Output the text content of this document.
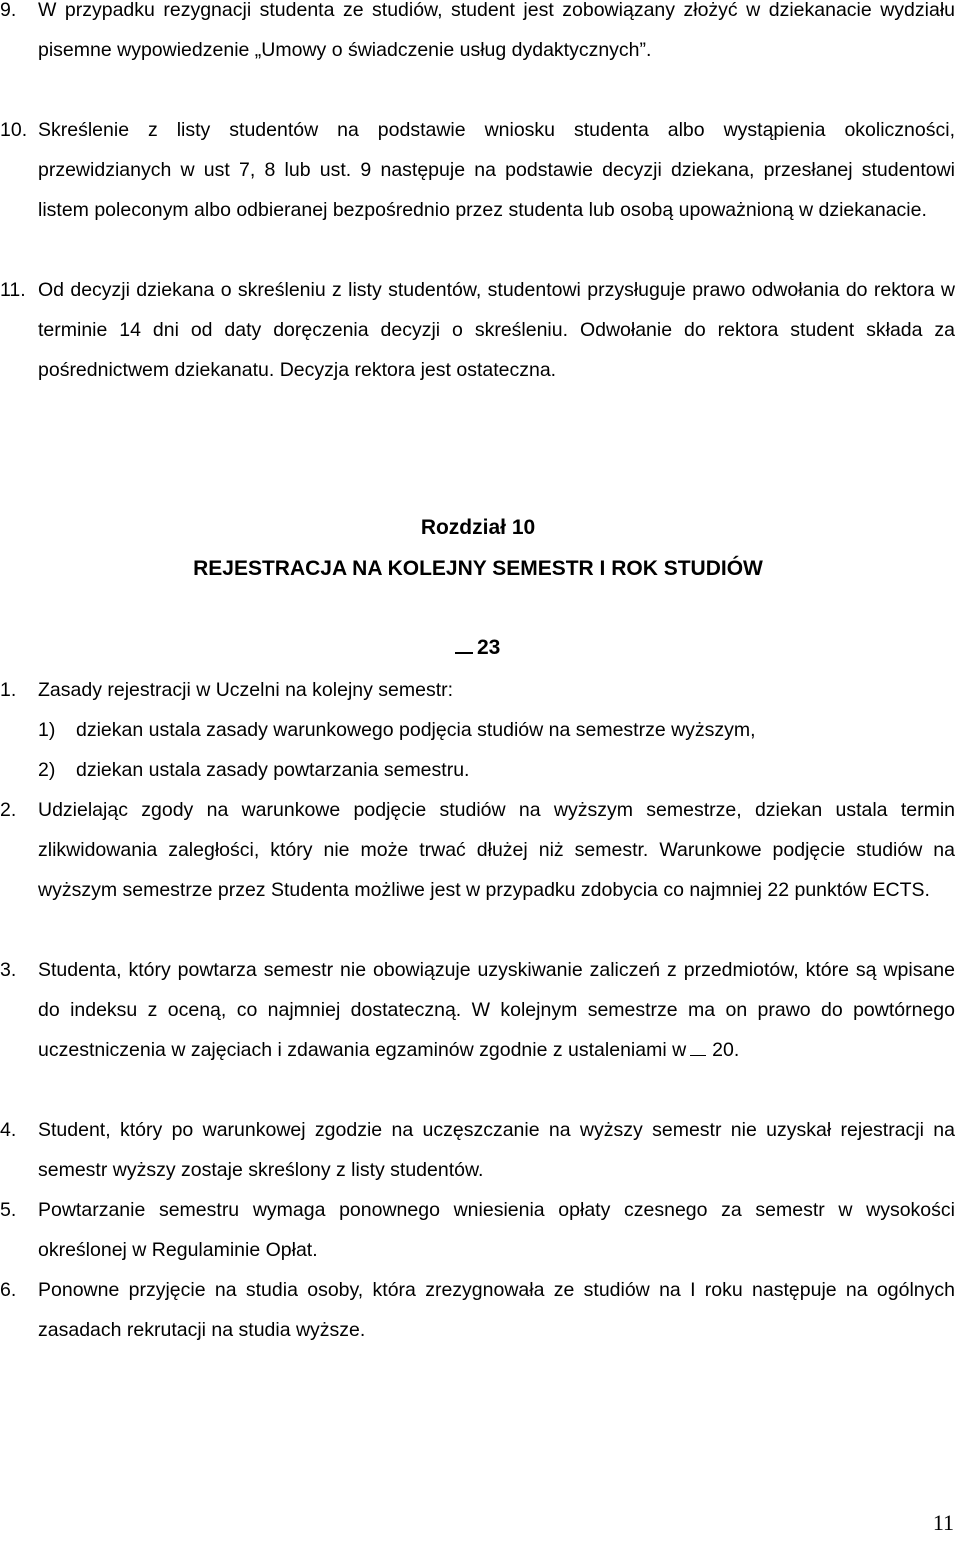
9. W przypadku rezygnacji studenta ze studiów, student jest zobowiązany złożyć w dziekanacie wydziału pisemne wypowiedzenie „Umowy o świadczenie usług dydaktycznych”.

10. Skreślenie z listy studentów na podstawie wniosku studenta albo wystąpienia okoliczności, przewidzianych w ust 7, 8 lub ust. 9 następuje na podstawie decyzji dziekana, przesłanej studentowi listem poleconym albo odbieranej bezpośrednio przez studenta lub osobą upoważnioną w dziekanacie.

11. Od decyzji dziekana o skreśleniu z listy studentów, studentowi przysługuje prawo odwołania do rektora w terminie 14 dni od daty doręczenia decyzji o skreśleniu. Odwołanie do rektora student składa za pośrednictwem dziekanatu. Decyzja rektora jest ostateczna.

Rozdział 10
REJESTRACJA NA KOLEJNY SEMESTR I ROK STUDIÓW
23
1. Zasady rejestracji w Uczelni na kolejny semestr:

1) dziekan ustala zasady warunkowego podjęcia studiów na semestrze wyższym,
2) dziekan ustala zasady powtarzania semestru.
2. Udzielając zgody na warunkowe podjęcie studiów na wyższym semestrze, dziekan ustala termin zlikwidowania zaległości, który nie może trwać dłużej niż semestr. Warunkowe podjęcie studiów na wyższym semestrze przez Studenta możliwe jest w przypadku zdobycia co najmniej 22 punktów ECTS.

3. Studenta, który powtarza semestr nie obowiązuje uzyskiwanie zaliczeń z przedmiotów, które są wpisane do indeksu z oceną, co najmniej dostateczną. W kolejnym semestrze ma on prawo do powtórnego uczestniczenia w zajęciach i zdawania egzaminów zgodnie z ustaleniami w 20.

4. Student, który po warunkowej zgodzie na uczęszczanie na wyższy semestr nie uzyskał rejestracji na semestr wyższy zostaje skreślony z listy studentów.

5. Powtarzanie semestru wymaga ponownego wniesienia opłaty czesnego za semestr w wysokości określonej w Regulaminie Opłat.

6. Ponowne przyjęcie na studia osoby, która zrezygnowała ze studiów na I roku następuje na ogólnych zasadach rekrutacji na studia wyższe.

11
